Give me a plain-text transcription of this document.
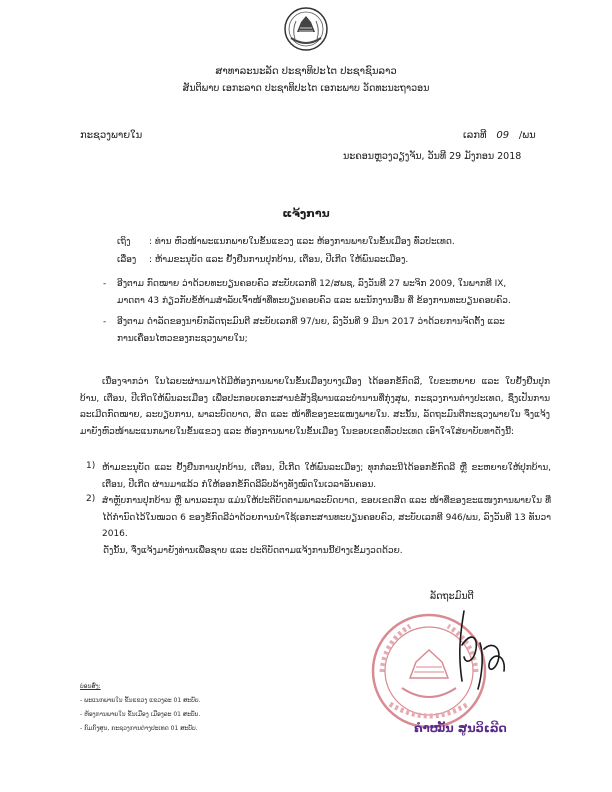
ສາທາລະນະລັດ ປະຊາທິປະໄຕ ປະຊາຊົນລາວ
ສັນຕິພາບ ເອກະລາດ ປະຊາທິປະໄຕ ເອກະພາບ ວັດທະນະຖາວອນ
ກະຊວງພາຍໃນ	ເລກທີ 09 /ພນ
ນະຄອນຫຼວງວຽງຈັນ, ວັນທີ 29 ມັງກອນ 2018
ແຈ້ງການ
ເຖິງ : ທ່ານ ຫົວໜ້າພະແນກພາຍໃນຂັ້ນແຂວງ ແລະ ຫ້ອງການພາຍໃນຂັ້ນເມືອງ ທົ່ວປະເທດ.
ເລື່ອງ : ຫ້າມຂະນຸບັດ ແລະ ຢັ້ງຢືນການປຸກບ້ານ, ເຕືອນ, ປີເກີດ ໃຫ້ພົນລະເມືອງ.
- ອີງຕາມ ກົດໝາຍ ວ່າດ້ວຍທະບຽນຄອບຄົວ ສະບັບເລກທີ 12/ສພຊ, ລົງວັນທີ 27 ພະຈິກ 2009, ໃນພາກທີ IX,
ມາດຕາ 43 ກ່ຽວກັບຂໍ້ຫ້າມສຳລັບເຈົ້າໜ້າທີ່ທະບຽນຄອບຄົວ ແລະ ພະນັກງານອື່ນ ທີ່ ຂ້ອງການທະບຽນຄອບຄົວ.
- ອີງຕາມ ດຳລັດຂອງນາຍົກລັດຖະມົນຕີ ສະບັບເລກທີ 97/ນຍ, ລົງວັນທີ 9 ມີນາ 2017 ວ່າດ້ວຍການຈັດຕັ້ງ ແລະ
ການເຄື່ອນໄຫວຂອງກະຊວງພາຍໃນ;
ເນື່ອງຈາກວ່າ ໃນໄລຍະຜ່ານມາໄດ້ມີຫ້ອງການພາຍໃນຂັ້ນເມືອງບາງເມືອງ ໄດ້ອອກຂໍ້ກົດລີ, ໃບຂະຫຍາຍ ແລະ ໃບຢັ້ງຢືນປຸກບ້ານ, ເຕືອນ, ປີເກີດໃຫ້ພົນລະເມືອງ ເພື່ອປະກອບເອກະສານຂໍສັງຊີພານແລະບໍານານທີ່ກຸ່ງສຸພ, ກະຊວງການຕ່າງປະເທດ, ຊຶ່ງເປັນການລະເມີດກົດໝາຍ, ລະບຽບການ, ພາລະບົດບາດ, ສິດ ແລະ ໜ້າທີ່ຂອງຂະແໜງພາຍໃນ. ສະນັ້ນ, ລັດຖະມົນຕີກະຊວງພາຍໃນ ຈຶ່ງແຈ້ງມາຍັງຫົວໜ້າພະແນກພາຍໃນຂັ້ນແຂວງ ແລະ ຫ້ອງການພາຍໃນຂັ້ນເມືອງ ໃນຂອບເຂດທົ່ວປະເທດ ເອົາໃຈໃສ່ຍາບັບທາດັ່ງນີ້:
1) ຫ້າມຂະນຸບັດ ແລະ ຢັ້ງຢືນການປຸກບ້ານ, ເຕືອນ, ປີເກີດ ໃຫ້ພົນລະເມືອງ; ທຸກກໍລະນີໄດ້ອອກຂໍ້ກົດລີ ຫຼື ຂະຫຍາຍໃຫ້ປຸກບ້ານ, ເຕືອນ, ປີເກີດ ຜ່ານມາແລ້ວ ກໍໃຫ້ອອກຂໍ້ກົດລີລົບລ້າງທັງໝົດໃນເວລາອັນຄອນ.
2) ສຳຫຼັບການປຸກບ້ານ ຫຼື ພານລະກຸນ ແມ່ນໃຫ້ປະຕິບັດຕາມພາລະບົດບາດ, ຂອບເຂດສິດ ແລະ ໜ້າທີ່ຂອງຂະແໜງການພາຍໃນ ທີ່ໄດ້ກຳນົດໄວ້ໃນໝວດ 6 ຂອງຂໍ້ກົດລີວ່າດ້ວຍການນຳໃຊ້ເອກະສານທະບຽນຄອບຄົວ, ສະບັບເລກທີ 946/ພນ, ລົງວັນທີ 13 ທັນວາ 2016.
ດັ່ງນັ້ນ, ຈຶ່ງແຈ້ງມາຍັງທ່ານເພື່ອຊາບ ແລະ ປະຕິບັດຕາມແຈ້ງການນີ້ຢ່າງເຂັ້ມງວດດ້ວຍ.
ລັດຖະມົນຕີ
ຄຳໝັ້ນ ສູນວິເລີດ
ບ່ອນສົ່ງ:
- ພະແນກພາຍໃນ ຂັ້ນແຂວງ ແຂວງລະ 01 ສະບັບ.
- ຫ້ອງການພາຍໃນ ຂັ້ນເມືອງ ເມືອງລະ 01 ສະບັບ.
- ກົມກົງສຸນ, ກະຊວງການຕ່າງປະເທດ 01 ສະບັບ.
